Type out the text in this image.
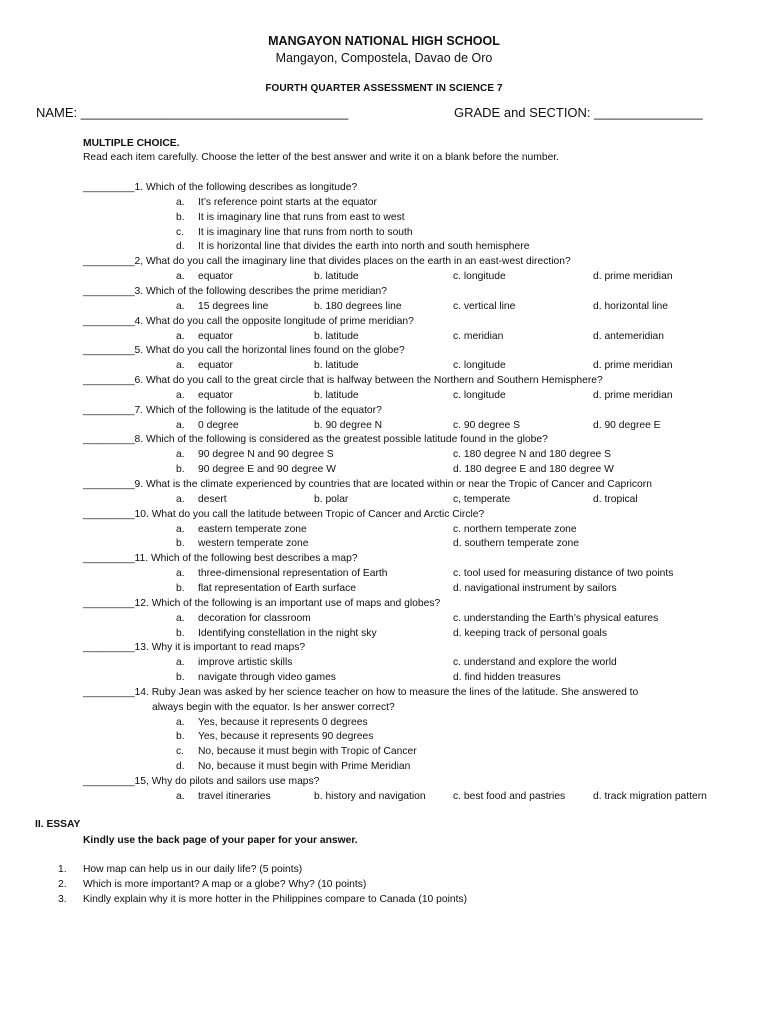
MANGAYON NATIONAL HIGH SCHOOL
Mangayon, Compostela, Davao de Oro
FOURTH QUARTER ASSESSMENT IN SCIENCE 7
NAME: _____________________________________	GRADE and SECTION: _______________
MULTIPLE CHOICE.
Read each item carefully. Choose the letter of the best answer and write it on a blank before the number.
_________1. Which of the following describes as longitude?
a. It’s reference point starts at the equator
b. It is imaginary line that runs from east to west
c. It is imaginary line that runs from north to south
d. It is horizontal line that divides the earth into north and south hemisphere
_________2, What do you call the imaginary line that divides places on the earth in an east-west direction?
a. equator	b. latitude	c. longitude	d. prime meridian
_________3. Which of the following describes the prime meridian?
a. 15 degrees line	b. 180 degrees line	c. vertical line	d. horizontal line
_________4. What do you call the opposite longitude of prime meridian?
a. equator	b. latitude	c. meridian	d. antemeridian
_________5. What do you call the horizontal lines found on the globe?
a. equator	b. latitude	c. longitude	d. prime meridian
_________6. What do you call to the great circle that is halfway between the Northern and Southern Hemisphere?
a. equator	b. latitude	c. longitude	d. prime meridian
_________7. Which of the following is the latitude of the equator?
a. 0 degree	b. 90 degree N	c. 90 degree S	d. 90 degree E
_________8. Which of the following is considered as the greatest possible latitude found in the globe?
a. 90 degree N and 90 degree S	c. 180 degree N and 180 degree S
b. 90 degree E and 90 degree W	d. 180 degree E and 180 degree W
_________9. What is the climate experienced by countries that are located within or near the Tropic of Cancer and Capricorn
a. desert	b. polar	c, temperate	d. tropical
_________10. What do you call the latitude between Tropic of Cancer and Arctic Circle?
a. eastern temperate zone	c. northern temperate zone
b. western temperate zone	d. southern temperate zone
_________11. Which of the following best describes a map?
a. three-dimensional representation of Earth	c. tool used for measuring distance of two points
b. flat representation of Earth surface	d. navigational instrument by sailors
_________12. Which of the following is an important use of maps and globes?
a. decoration for classroom	c. understanding the Earth’s physical eatures
b. Identifying constellation in the night sky	d. keeping track of personal goals
_________13. Why it is important to read maps?
a. improve artistic skills	c. understand and explore the world
b. navigate through video games	d. find hidden treasures
_________14. Ruby Jean was asked by her science teacher on how to measure the lines of the latitude. She answered to
always begin with the equator. Is her answer correct?
a. Yes, because it represents 0 degrees
b. Yes, because it represents 90 degrees
c. No, because it must begin with Tropic of Cancer
d. No, because it must begin with Prime Meridian
_________15, Why do pilots and sailors use maps?
a. travel itineraries	b. history and navigation	c. best food and pastries	d. track migration pattern
II. ESSAY
Kindly use the back page of your paper for your answer.
1. How map can help us in our daily life? (5 points)
2. Which is more important? A map or a globe? Why? (10 points)
3. Kindly explain why it is more hotter in the Philippines compare to Canada (10 points)
